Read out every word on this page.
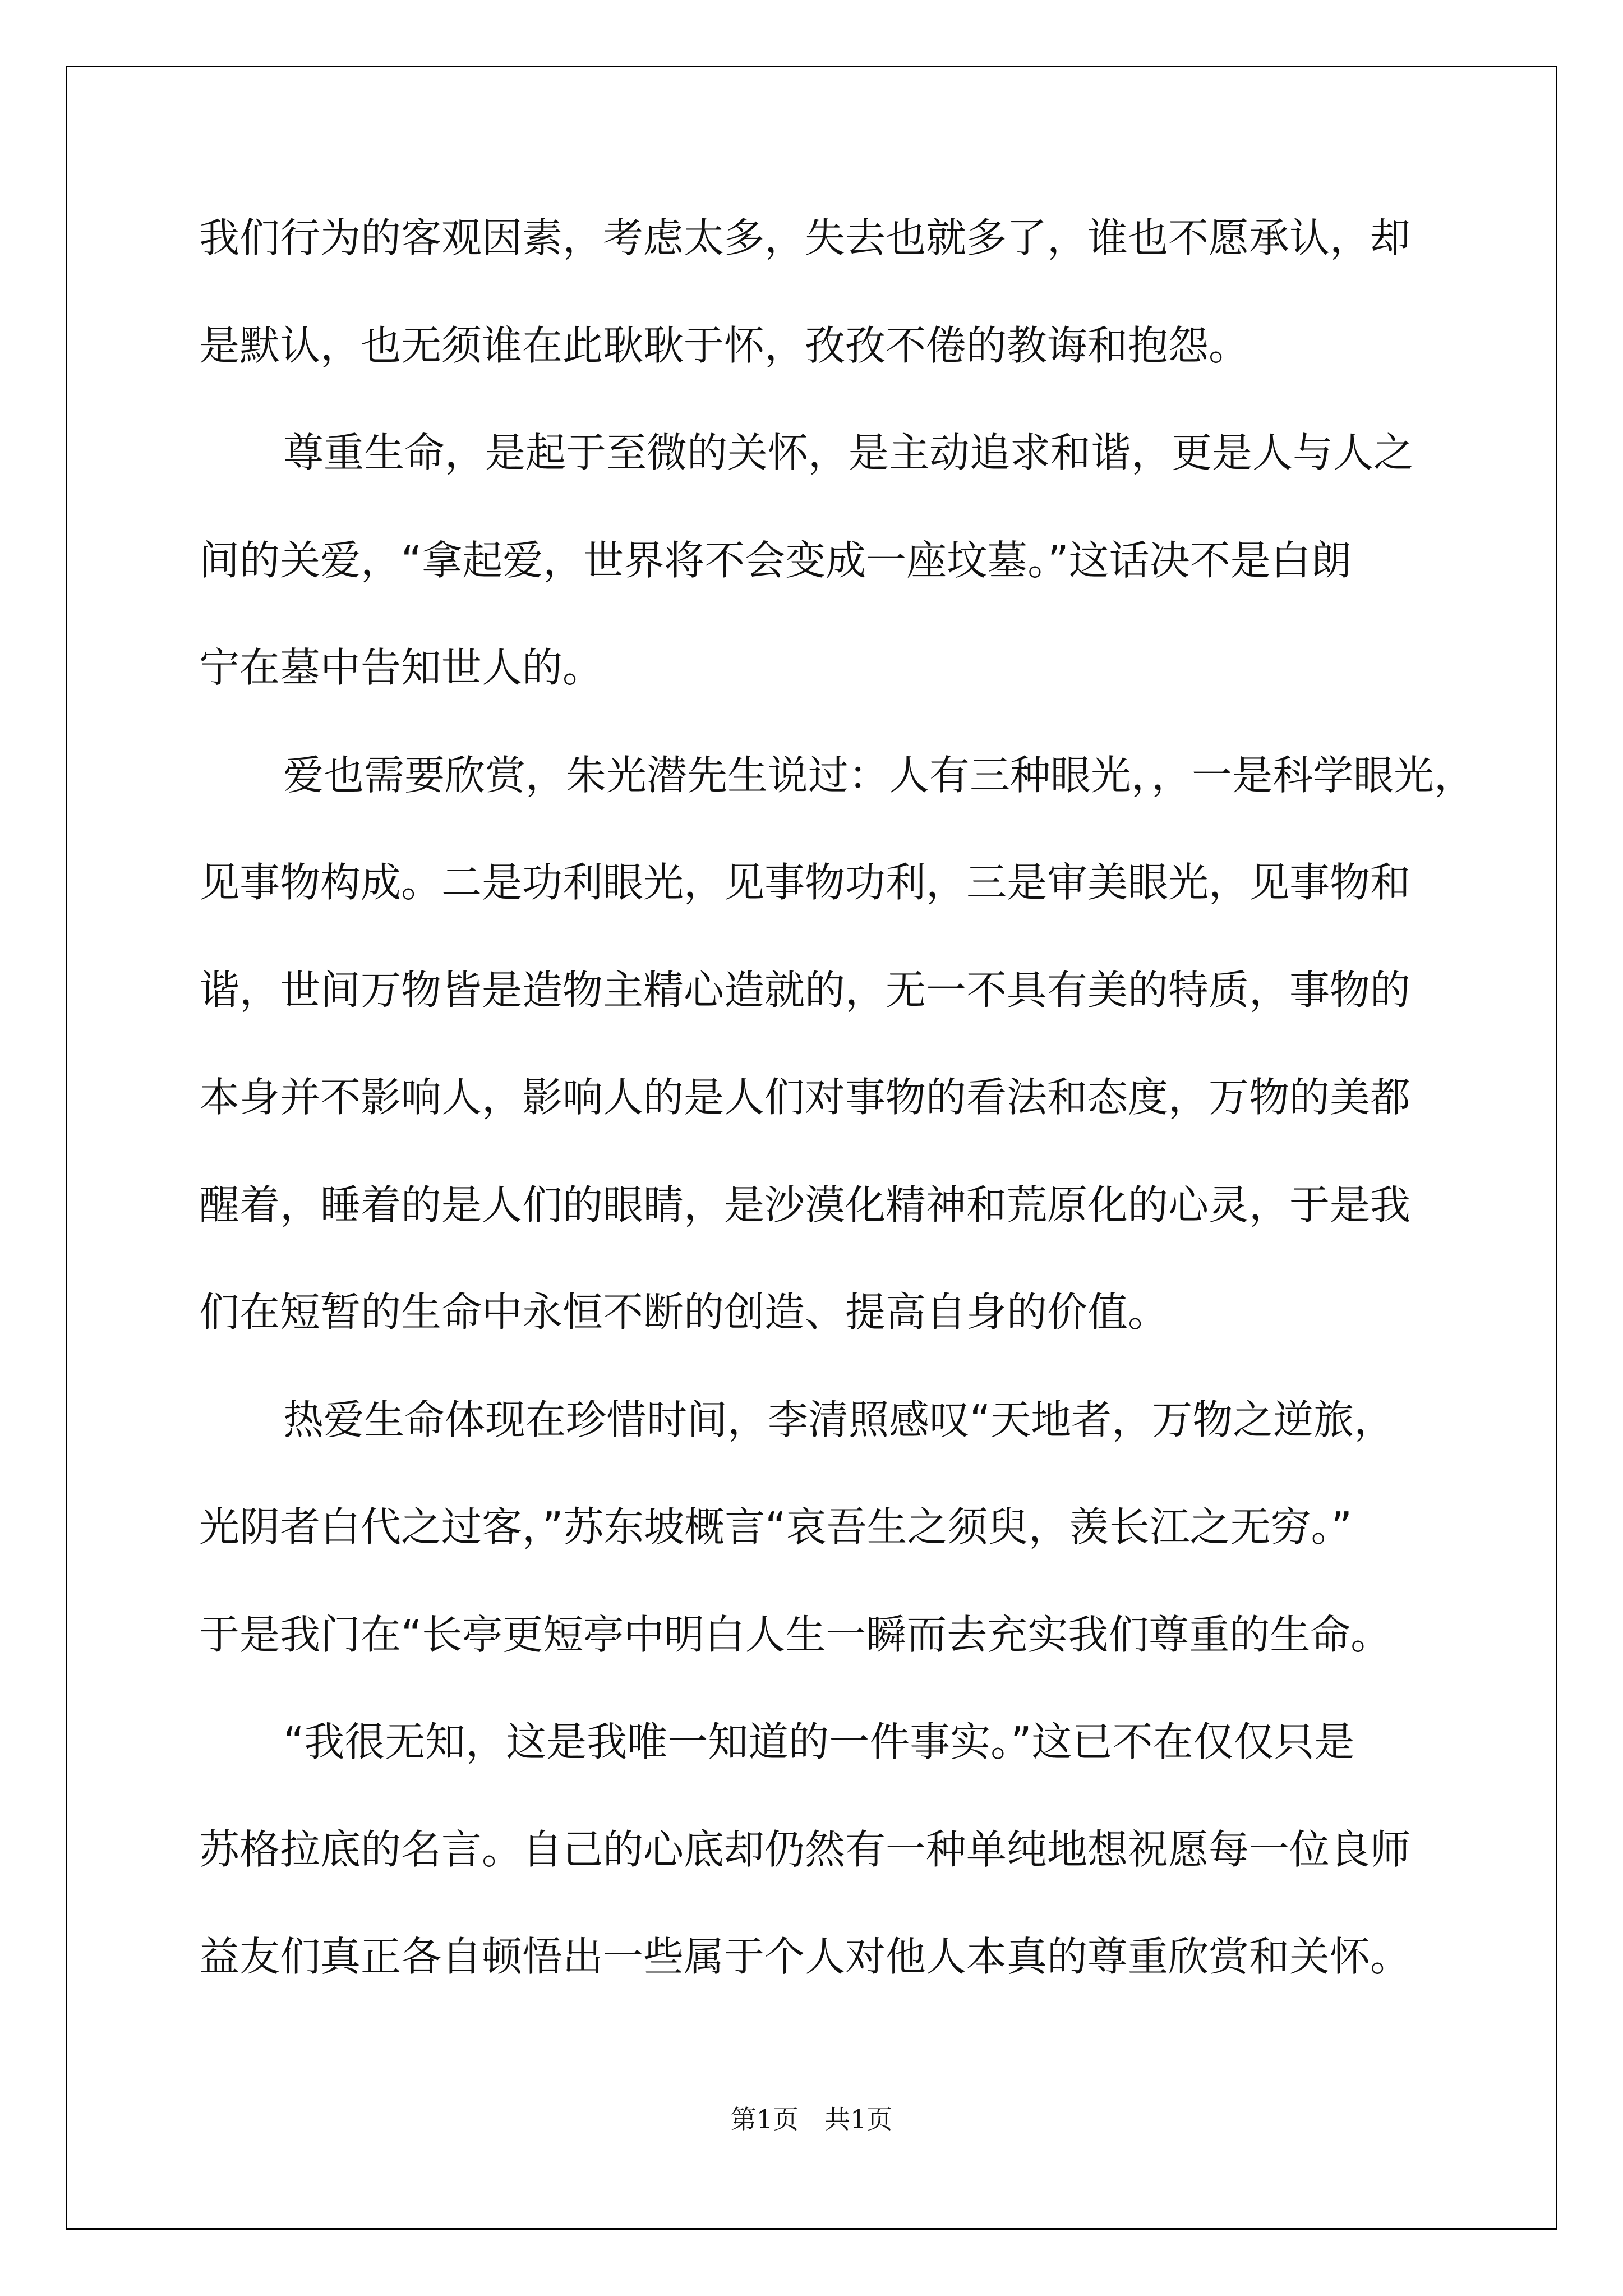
我们行为的客观因素，考虑太多，失去也就多了，谁也不愿承认，却
是默认，也无须谁在此耿耿于怀，孜孜不倦的教诲和抱怨。
尊重生命，是起于至微的关怀，是主动追求和谐，更是人与人之
间的关爱，“拿起爱，世界将不会变成一座坟墓。”这话决不是白朗
宁在墓中告知世人的。
爱也需要欣赏，朱光潜先生说过：人有三种眼光，，一是科学眼光，
见事物构成。二是功利眼光，见事物功利，三是审美眼光，见事物和
谐，世间万物皆是造物主精心造就的，无一不具有美的特质，事物的
本身并不影响人，影响人的是人们对事物的看法和态度，万物的美都
醒着，睡着的是人们的眼睛，是沙漠化精神和荒原化的心灵，于是我
们在短暂的生命中永恒不断的创造、提高自身的价值。
热爱生命体现在珍惜时间，李清照感叹“天地者，万物之逆旅，
光阴者白代之过客，”苏东坡概言“哀吾生之须臾，羡长江之无穷。”
于是我门在“长亭更短亭中明白人生一瞬而去充实我们尊重的生命。
“我很无知，这是我唯一知道的一件事实。”这已不在仅仅只是
苏格拉底的名言。自己的心底却仍然有一种单纯地想祝愿每一位良师
益友们真正各自顿悟出一些属于个人对他人本真的尊重欣赏和关怀。
第1页　共1页
